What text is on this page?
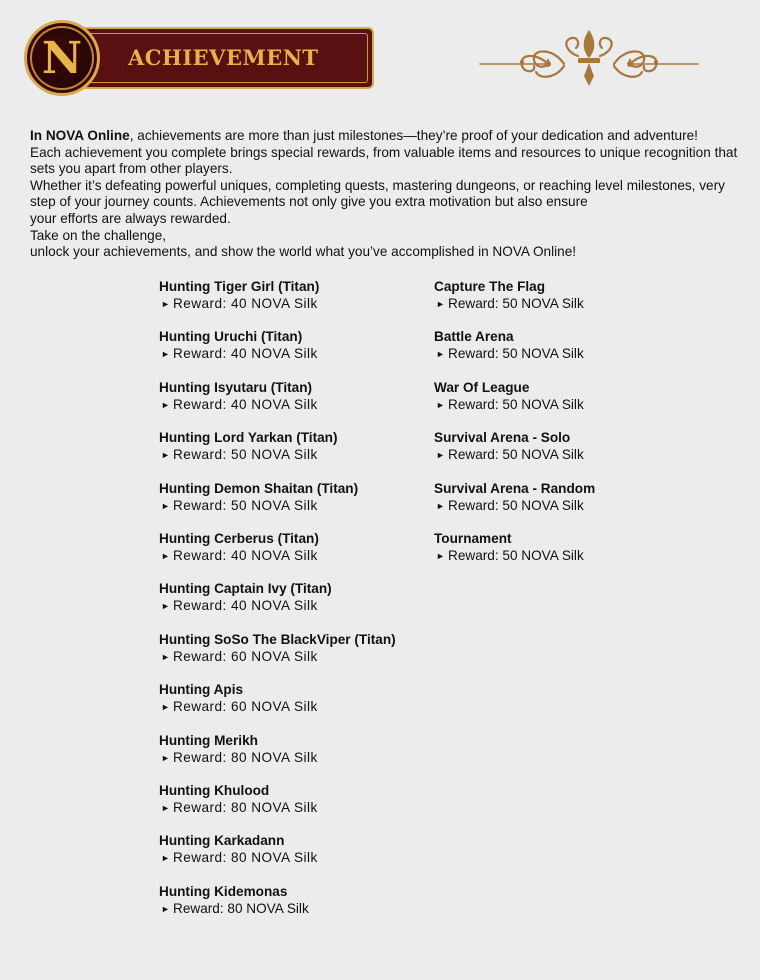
ACHIEVEMENT
N

In NOVA Online, achievements are more than just milestones—they’re proof of your dedication and adventure!

Each achievement you complete brings special rewards, from valuable items and resources to unique recognition that sets you apart from other players.

Whether it’s defeating powerful uniques, completing quests, mastering dungeons, or reaching level milestones, very step of your journey counts. Achievements not only give you extra motivation but also ensure

your efforts are always rewarded.

Take on the challenge,

unlock your achievements, and show the world what you’ve accomplished in NOVA Online!

Hunting Tiger Girl (Titan)
► Reward: 40 NOVA Silk
Hunting Uruchi (Titan)
► Reward: 40 NOVA Silk
Hunting Isyutaru (Titan)
► Reward: 40 NOVA Silk
Hunting Lord Yarkan (Titan)
► Reward: 50 NOVA Silk
Hunting Demon Shaitan (Titan)
► Reward: 50 NOVA Silk
Hunting Cerberus (Titan)
► Reward: 40 NOVA Silk
Hunting Captain Ivy (Titan)
► Reward: 40 NOVA Silk
Hunting SoSo The BlackViper (Titan)
► Reward: 60 NOVA Silk
Hunting Apis
► Reward: 60 NOVA Silk
Hunting Merikh
► Reward: 80 NOVA Silk
Hunting Khulood
► Reward: 80 NOVA Silk
Hunting Karkadann
► Reward: 80 NOVA Silk
Hunting Kidemonas
► Reward: 80 NOVA Silk
Capture The Flag
► Reward: 50 NOVA Silk
Battle Arena
► Reward: 50 NOVA Silk
War Of League
► Reward: 50 NOVA Silk
Survival Arena - Solo
► Reward: 50 NOVA Silk
Survival Arena - Random
► Reward: 50 NOVA Silk
Tournament
► Reward: 50 NOVA Silk
